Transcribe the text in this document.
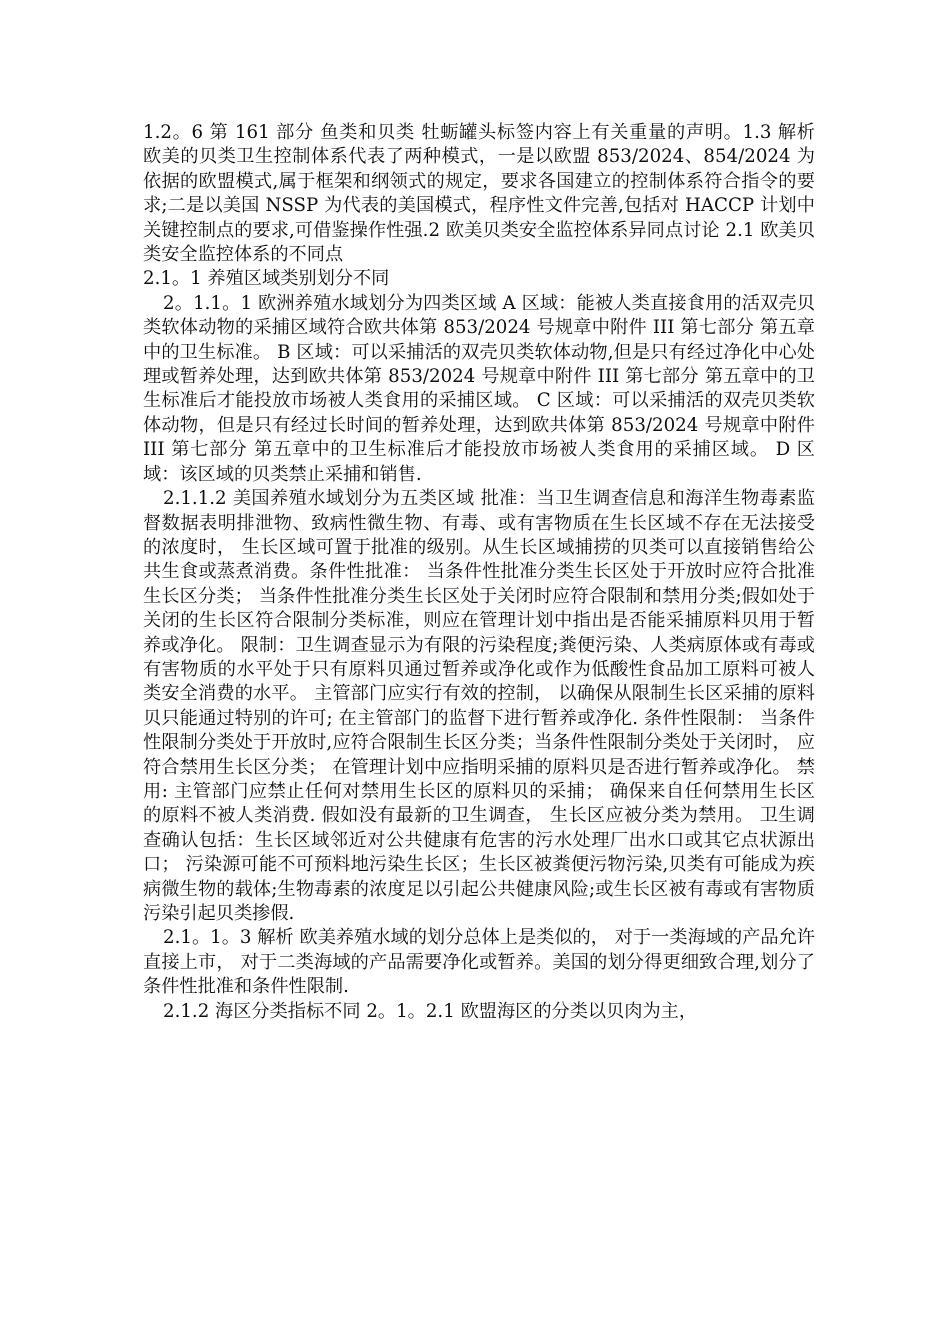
1.2。6 第 161 部分 鱼类和贝类 牡蛎罐头标签内容上有关重量的声明。1.3 解析 欧美的贝类卫生控制体系代表了两种模式，一是以欧盟 853/2024、854/2024 为依据的欧盟模式,属于框架和纲领式的规定，要求各国建立的控制体系符合指令的要求;二是以美国 NSSP 为代表的美国模式，程序性文件完善,包括对 HACCP 计划中关键控制点的要求,可借鉴操作性强.2 欧美贝类安全监控体系异同点讨论 2.1 欧美贝类安全监控体系的不同点

2.1。1 养殖区域类别划分不同

2。1.1。1 欧洲养殖水域划分为四类区域 A 区域：能被人类直接食用的活双壳贝类软体动物的采捕区域符合欧共体第 853/2024 号规章中附件 III 第七部分 第五章中的卫生标准。 B 区域：可以采捕活的双壳贝类软体动物,但是只有经过净化中心处理或暂养处理，达到欧共体第 853/2024 号规章中附件 III 第七部分 第五章中的卫生标准后才能投放市场被人类食用的采捕区域。 C 区域：可以采捕活的双壳贝类软体动物，但是只有经过长时间的暂养处理，达到欧共体第 853/2024 号规章中附件 III 第七部分 第五章中的卫生标准后才能投放市场被人类食用的采捕区域。 D 区域：该区域的贝类禁止采捕和销售.

2.1.1.2 美国养殖水域划分为五类区域 批准：当卫生调查信息和海洋生物毒素监督数据表明排泄物、致病性微生物、有毒、或有害物质在生长区域不存在无法接受的浓度时， 生长区域可置于批准的级别。从生长区域捕捞的贝类可以直接销售给公共生食或蒸煮消费。条件性批准： 当条件性批准分类生长区处于开放时应符合批准生长区分类； 当条件性批准分类生长区处于关闭时应符合限制和禁用分类;假如处于关闭的生长区符合限制分类标准，则应在管理计划中指出是否能采捕原料贝用于暂养或净化。 限制：卫生调查显示为有限的污染程度;粪便污染、人类病原体或有毒或有害物质的水平处于只有原料贝通过暂养或净化或作为低酸性食品加工原料可被人类安全消费的水平。 主管部门应实行有效的控制， 以确保从限制生长区采捕的原料贝只能通过特别的许可; 在主管部门的监督下进行暂养或净化. 条件性限制： 当条件性限制分类处于开放时,应符合限制生长区分类；当条件性限制分类处于关闭时， 应符合禁用生长区分类； 在管理计划中应指明采捕的原料贝是否进行暂养或净化。 禁用: 主管部门应禁止任何对禁用生长区的原料贝的采捕； 确保来自任何禁用生长区的原料不被人类消费. 假如没有最新的卫生调查， 生长区应被分类为禁用。 卫生调查确认包括：生长区域邻近对公共健康有危害的污水处理厂出水口或其它点状源出口； 污染源可能不可预料地污染生长区；生长区被粪便污物污染,贝类有可能成为疾病微生物的载体;生物毒素的浓度足以引起公共健康风险;或生长区被有毒或有害物质污染引起贝类掺假.

2.1。1。3 解析 欧美养殖水域的划分总体上是类似的， 对于一类海域的产品允许直接上市， 对于二类海域的产品需要净化或暂养。美国的划分得更细致合理,划分了条件性批准和条件性限制.

2.1.2 海区分类指标不同 2。1。2.1 欧盟海区的分类以贝肉为主，
